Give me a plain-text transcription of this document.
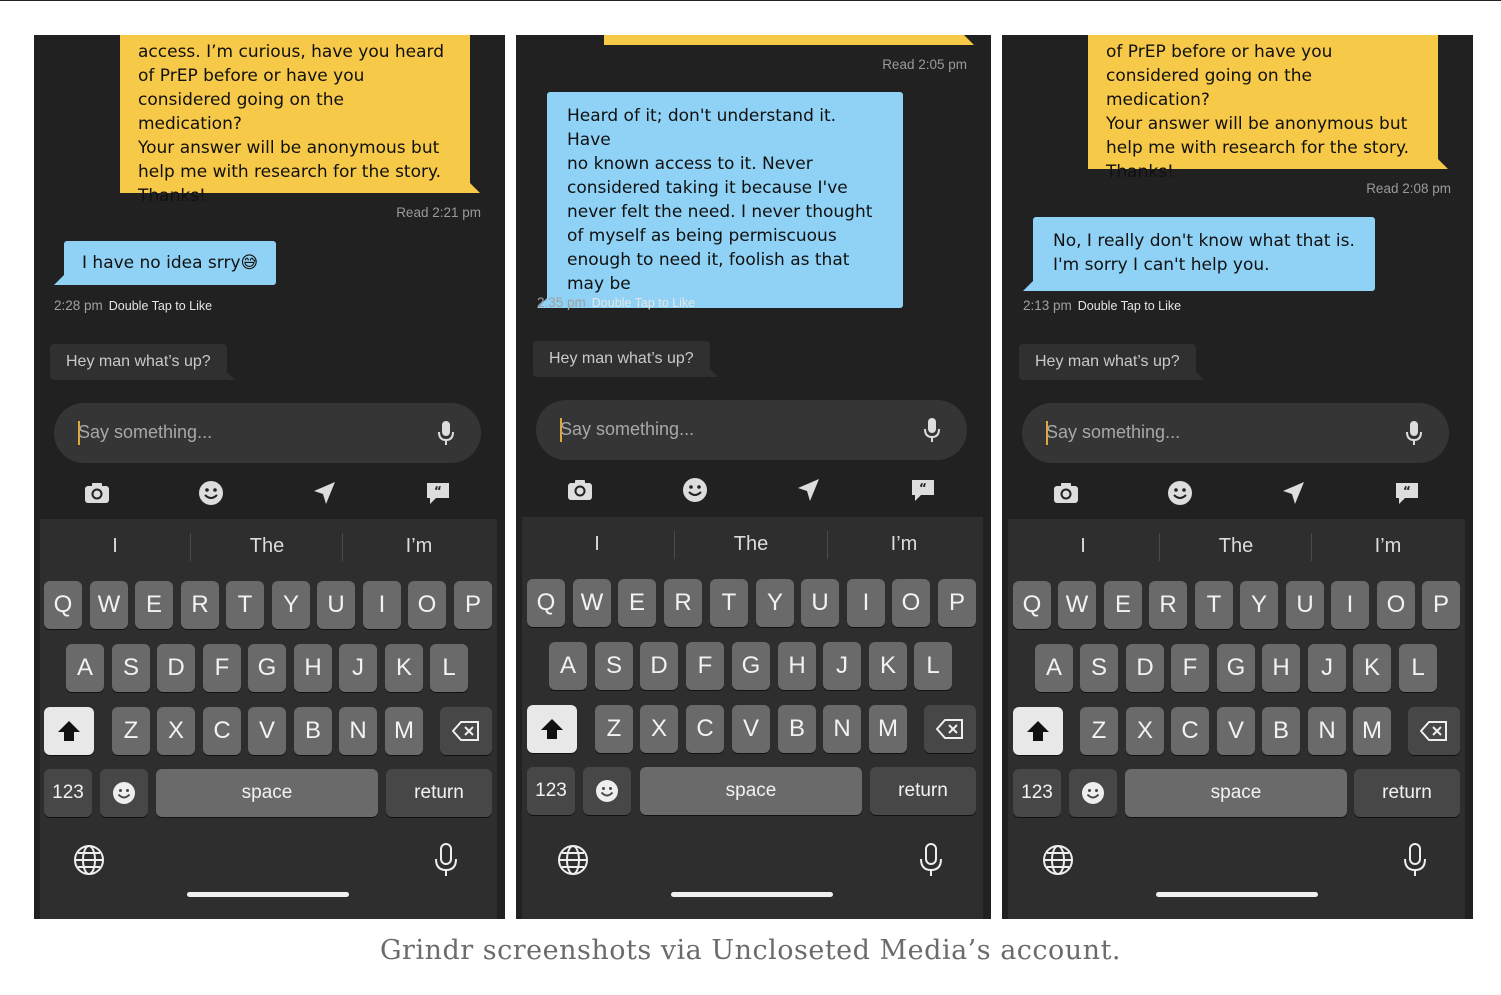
access. I’m curious, have you heard
of PrEP before or have you
considered going on the medication?
Your answer will be anonymous but
help me with research for the story.
Thanks!
Read 2:21 pm
I have no idea srry😅
2:28 pm Double Tap to Like
Hey man what’s up?
Say something...
“
I	The	I’m
Q	W	E	R	T	Y	U	I	O	P
A	S	D	F	G	H	J	K	L
Z	X	C	V	B	N	M
123	space	return
Read 2:05 pm
Heard of it; don't understand it. Have
no known access to it. Never
considered taking it because I've
never felt the need. I never thought
of myself as being permiscuous
enough to need it, foolish as that
may be
2:35 pm Double Tap to Like
Hey man what’s up?
Say something...
“
I	The	I’m
Q	W	E	R	T	Y	U	I	O	P
A	S	D	F	G	H	J	K	L
Z	X	C	V	B	N	M
123	space	return
of PrEP before or have you
considered going on the medication?
Your answer will be anonymous but
help me with research for the story.
Thanks!
Read 2:08 pm
No, I really don't know what that is.
I'm sorry I can't help you.
2:13 pm Double Tap to Like
Hey man what’s up?
Say something...
“
I	The	I’m
Q	W	E	R	T	Y	U	I	O	P
A	S	D	F	G	H	J	K	L
Z	X	C	V	B	N	M
123	space	return
Grindr screenshots via Uncloseted Media’s account.
